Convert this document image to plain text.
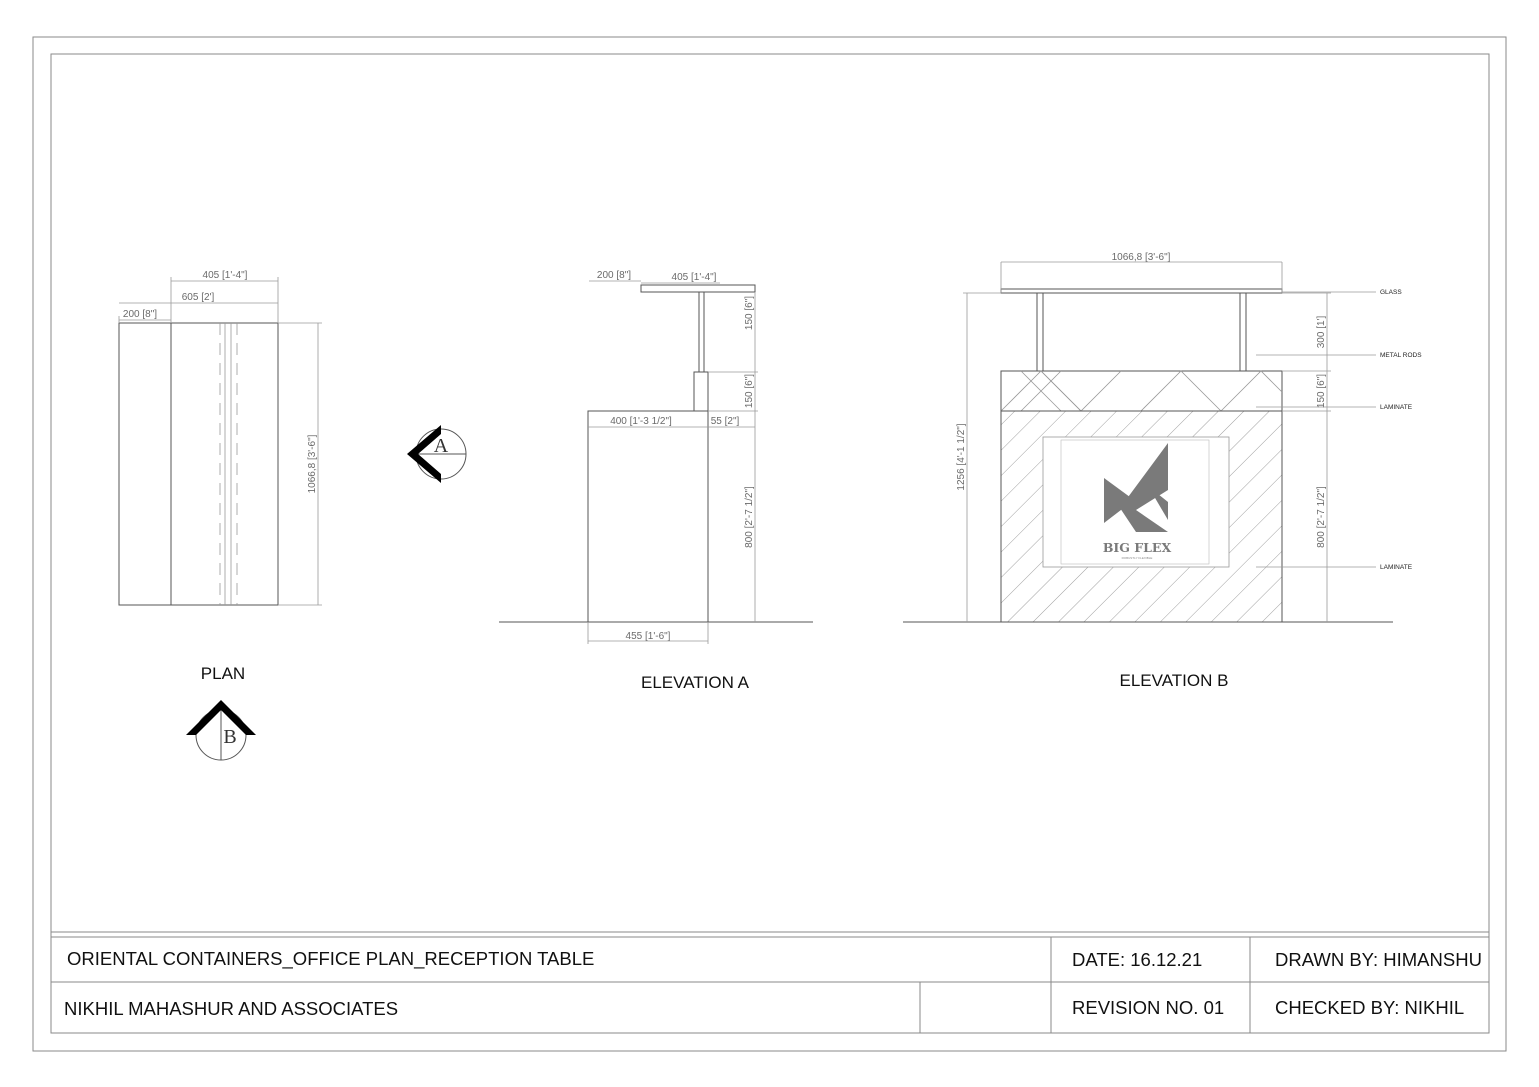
405 [1'-4"]
605 [2']
200 [8"]
1066,8 [3'-6"]
PLAN
A
B
200 [8"]	405 [1'-4"]
150 [6"]
150 [6"]
400 [1'-3 1/2"]	55 [2"]
800 [2'-7 1/2"]
455 [1'-6"]
ELEVATION A
BIG FLEX
ROBUSTLY FLEXIBLE
1066,8 [3'-6"]
300 [1']
150 [6"]
1256 [4'-1 1/2"]
800 [2'-7 1/2"]
GLASS
METAL RODS
LAMINATE
LAMINATE
ELEVATION B
ORIENTAL CONTAINERS_OFFICE PLAN_RECEPTION TABLE	DATE: 16.12.21	DRAWN BY: HIMANSHU
NIKHIL MAHASHUR AND ASSOCIATES	REVISION NO. 01	CHECKED BY: NIKHIL
